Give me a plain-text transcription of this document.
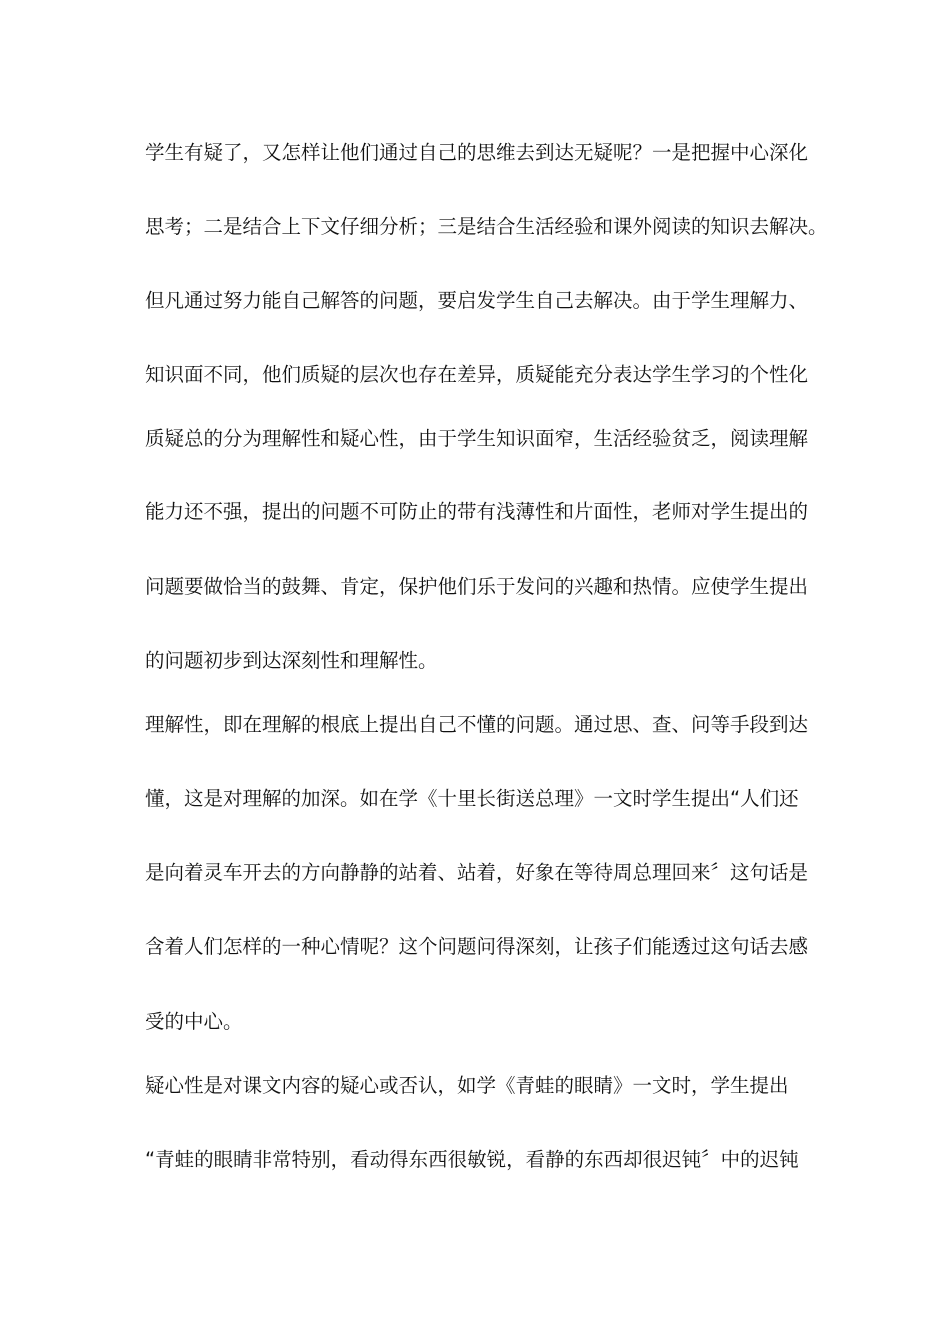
学生有疑了，又怎样让他们通过自己的思维去到达无疑呢？一是把握中心深化
思考；二是结合上下文仔细分析；三是结合生活经验和课外阅读的知识去解决。
但凡通过努力能自己解答的问题，要启发学生自己去解决。由于学生理解力、
知识面不同，他们质疑的层次也存在差异，质疑能充分表达学生学习的个性化
质疑总的分为理解性和疑心性，由于学生知识面窄，生活经验贫乏，阅读理解
能力还不强，提出的问题不可防止的带有浅薄性和片面性，老师对学生提出的
问题要做恰当的鼓舞、肯定，保护他们乐于发问的兴趣和热情。应使学生提出
的问题初步到达深刻性和理解性。
理解性，即在理解的根底上提出自己不懂的问题。通过思、查、问等手段到达
懂，这是对理解的加深。如在学《十里长街送总理》一文时学生提出“人们还
是向着灵车开去的方向静静的站着、站着，好象在等待周总理回来〞这句话是
含着人们怎样的一种心情呢？这个问题问得深刻，让孩子们能透过这句话去感
受的中心。
疑心性是对课文内容的疑心或否认，如学《青蛙的眼睛》一文时，学生提出
“青蛙的眼睛非常特别，看动得东西很敏锐，看静的东西却很迟钝〞中的迟钝
